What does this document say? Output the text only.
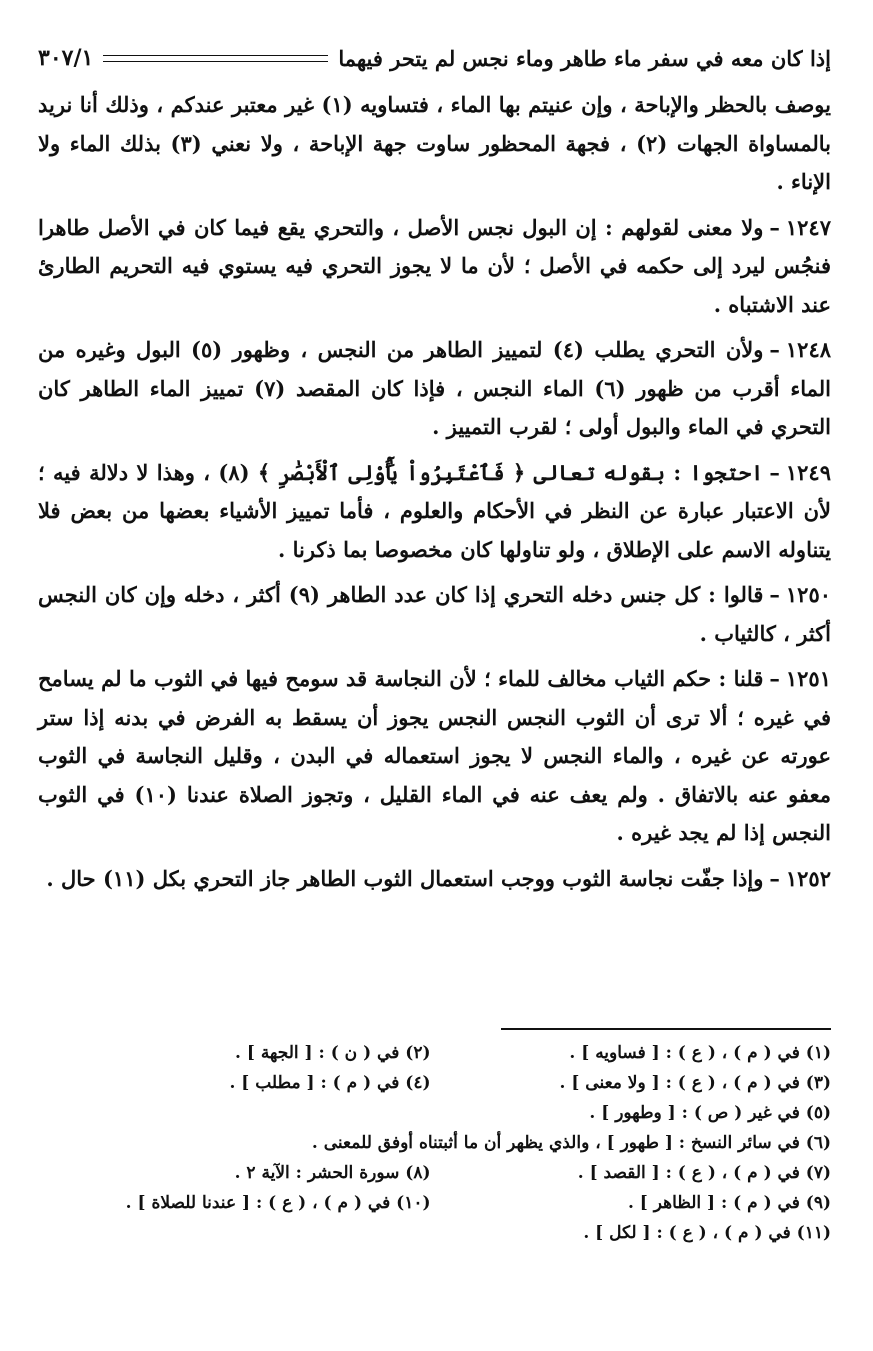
إذا كان معه في سفر ماء طاهر وماء نجس لم يتحر فيهما
٣٠٧/١

يوصف بالحظر والإباحة ، وإن عنيتم بها الماء ، فتساويه (١) غير معتبر عندكم ، وذلك أنا نريد بالمساواة الجهات (٢) ، فجهة المحظور ساوت جهة الإباحة ، ولا نعني (٣) بذلك الماء ولا الإناء .

١٢٤٧–ولا معنى لقولهم : إن البول نجس الأصل ، والتحري يقع فيما كان في الأصل طاهرا فنجُس ليرد إلى حكمه في الأصل ؛ لأن ما لا يجوز التحري فيه يستوي فيه التحريم الطارئ عند الاشتباه .

١٢٤٨–ولأن التحري يطلب (٤) لتمييز الطاهر من النجس ، وظهور (٥) البول وغيره من الماء أقرب من ظهور (٦) الماء النجس ، فإذا كان المقصد (٧) تمييز الماء الطاهر كان التحري في الماء والبول أولى ؛ لقرب التمييز .

١٢٤٩–احتجوا : بقوله تعالى ﴿ فَٱعْتَبِرُواْ يَٰٓأُوْلِى ٱلْأَبْصَٰرِ ﴾ (٨) ، وهذا لا دلالة فيه ؛ لأن الاعتبار عبارة عن النظر في الأحكام والعلوم ، فأما تمييز الأشياء بعضها من بعض فلا يتناوله الاسم على الإطلاق ، ولو تناولها كان مخصوصا بما ذكرنا .

١٢٥٠–قالوا : كل جنس دخله التحري إذا كان عدد الطاهر (٩) أكثر ، دخله وإن كان النجس أكثر ، كالثياب .

١٢٥١–قلنا : حكم الثياب مخالف للماء ؛ لأن النجاسة قد سومح فيها في الثوب ما لم يسامح في غيره ؛ ألا ترى أن الثوب النجس النجس يجوز أن يسقط به الفرض في بدنه إذا ستر عورته عن غيره ، والماء النجس لا يجوز استعماله في البدن ، وقليل النجاسة في الثوب معفو عنه بالاتفاق . ولم يعف عنه في الماء القليل ، وتجوز الصلاة عندنا (١٠) في الثوب النجس إذا لم يجد غيره .

١٢٥٢–وإذا جفّت نجاسة الثوب ووجب استعمال الثوب الطاهر جاز التحري بكل (١١) حال .

(١) في ( م ) ، ( ع ) : [ فساويه ] .
(٢) في ( ن ) : [ الجهة ] .
(٣) في ( م ) ، ( ع ) : [ ولا معنى ] .
(٤) في ( م ) : [ مطلب ] .
(٥) في غير ( ص ) : [ وطهور ] .
(٦) في سائر النسخ : [ طهور ] ، والذي يظهر أن ما أثبتناه أوفق للمعنى .
(٧) في ( م ) ، ( ع ) : [ القصد ] .
(٨) سورة الحشر : الآية ٢ .
(٩) في ( م ) : [ الظاهر ] .
(١٠) في ( م ) ، ( ع ) : [ عندنا للصلاة ] .
(١١) في ( م ) ، ( ع ) : [ لكل ] .
